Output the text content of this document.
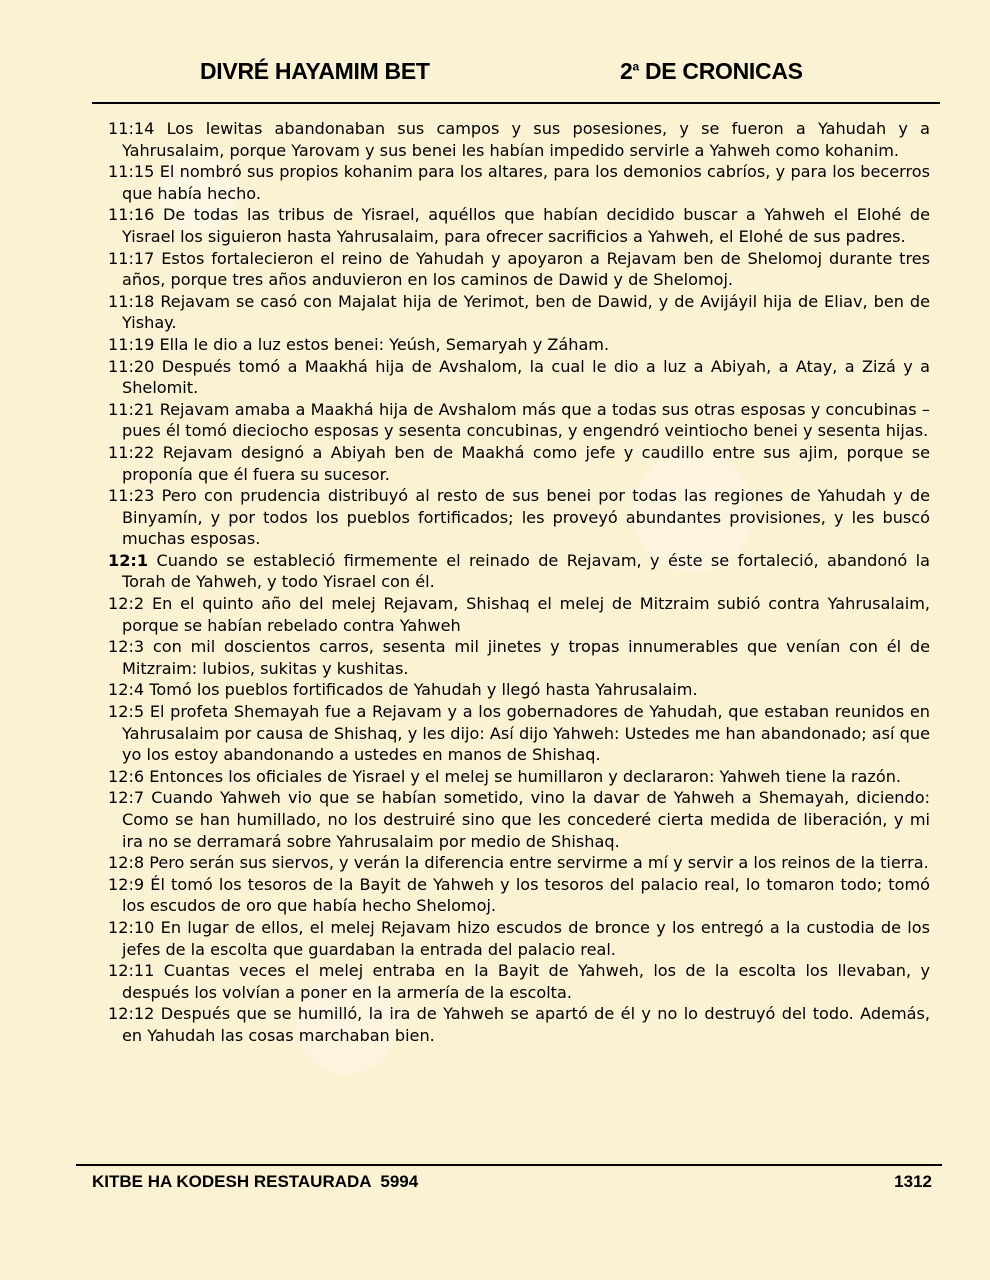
DIVRÉ HAYAMIM BET	2$^a$ DE CRONICAS
11:14 Los lewitas abandonaban sus campos y sus posesiones, y se fueron a Yahudah y a Yahrusalaim, porque Yarovam y sus benei les habían impedido servirle a Yahweh como kohanim.
11:15 El nombró sus propios kohanim para los altares, para los demonios cabríos, y para los becerros que había hecho.
11:16 De todas las tribus de Yisrael, aquéllos que habían decidido buscar a Yahweh el Elohé de Yisrael los siguieron hasta Yahrusalaim, para ofrecer sacrificios a Yahweh, el Elohé de sus padres.
11:17 Estos fortalecieron el reino de Yahudah y apoyaron a Rejavam ben de Shelomoj durante tres años, porque tres años anduvieron en los caminos de Dawid y de Shelomoj.
11:18 Rejavam se casó con Majalat hija de Yerimot, ben de Dawid, y de Avijáyil hija de Eliav, ben de Yishay.
11:19 Ella le dio a luz estos benei: Yeúsh, Semaryah y Záham.
11:20 Después tomó a Maakhá hija de Avshalom, la cual le dio a luz a Abiyah, a Atay, a Zizá y a Shelomit.
11:21 Rejavam amaba a Maakhá hija de Avshalom más que a todas sus otras esposas y concubinas –pues él tomó dieciocho esposas y sesenta concubinas, y engendró veintiocho benei y sesenta hijas.
11:22 Rejavam designó a Abiyah ben de Maakhá como jefe y caudillo entre sus ajim, porque se proponía que él fuera su sucesor.
11:23 Pero con prudencia distribuyó al resto de sus benei por todas las regiones de Yahudah y de Binyamín, y por todos los pueblos fortificados; les proveyó abundantes provisiones, y les buscó muchas esposas.
12:1 Cuando se estableció firmemente el reinado de Rejavam, y éste se fortaleció, abandonó la Torah de Yahweh, y todo Yisrael con él.
12:2 En el quinto año del melej Rejavam, Shishaq el melej de Mitzraim subió contra Yahrusalaim, porque se habían rebelado contra Yahweh
12:3 con mil doscientos carros, sesenta mil jinetes y tropas innumerables que venían con él de Mitzraim: lubios, sukitas y kushitas.
12:4 Tomó los pueblos fortificados de Yahudah y llegó hasta Yahrusalaim.
12:5 El profeta Shemayah fue a Rejavam y a los gobernadores de Yahudah, que estaban reunidos en Yahrusalaim por causa de Shishaq, y les dijo: Así dijo Yahweh: Ustedes me han abandonado; así que yo los estoy abandonando a ustedes en manos de Shishaq.
12:6 Entonces los oficiales de Yisrael y el melej se humillaron y declararon: Yahweh tiene la razón.
12:7 Cuando Yahweh vio que se habían sometido, vino la davar de Yahweh a Shemayah, diciendo: Como se han humillado, no los destruiré sino que les concederé cierta medida de liberación, y mi ira no se derramará sobre Yahrusalaim por medio de Shishaq.
12:8 Pero serán sus siervos, y verán la diferencia entre servirme a mí y servir a los reinos de la tierra.
12:9 Él tomó los tesoros de la Bayit de Yahweh y los tesoros del palacio real, lo tomaron todo; tomó los escudos de oro que había hecho Shelomoj.
12:10 En lugar de ellos, el melej Rejavam hizo escudos de bronce y los entregó a la custodia de los jefes de la escolta que guardaban la entrada del palacio real.
12:11 Cuantas veces el melej entraba en la Bayit de Yahweh, los de la escolta los llevaban, y después los volvían a poner en la armería de la escolta.
12:12 Después que se humilló, la ira de Yahweh se apartó de él y no lo destruyó del todo. Además, en Yahudah las cosas marchaban bien.
KITBE HA KODESH RESTAURADA  5994	1312
